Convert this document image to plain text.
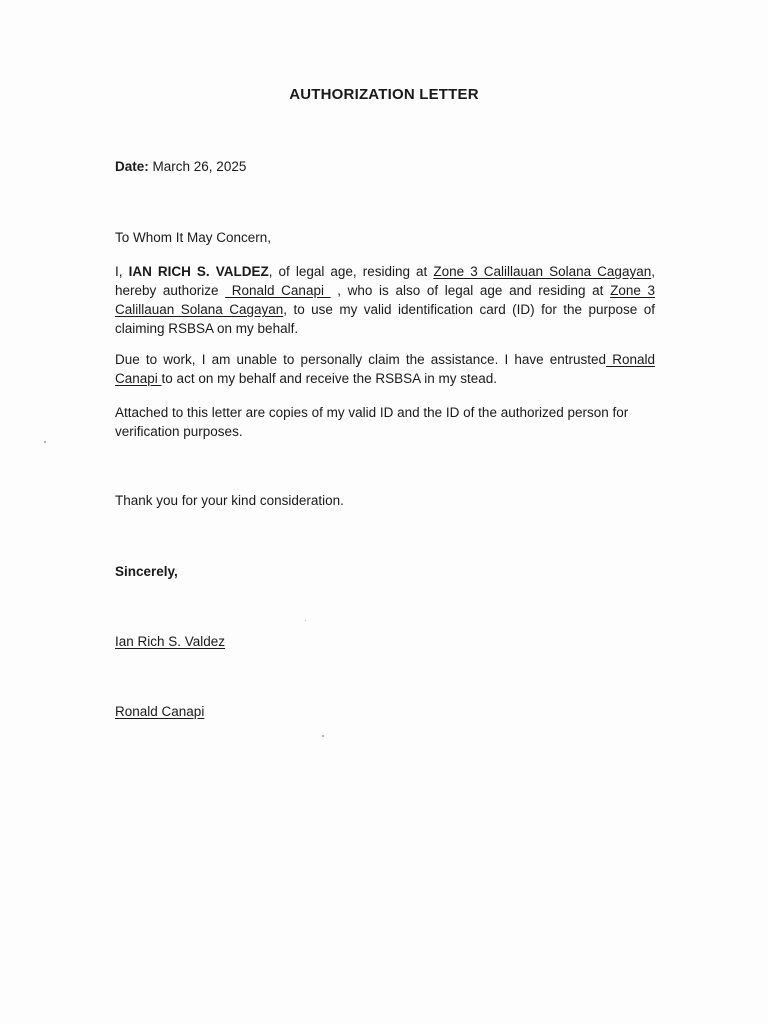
AUTHORIZATION LETTER
Date: March 26, 2025
To Whom It May Concern,
I, IAN RICH S. VALDEZ, of legal age, residing at Zone 3 Calillauan Solana Cagayan, hereby authorize  Ronald Canapi  , who is also of legal age and residing at Zone 3 Calillauan Solana Cagayan, to use my valid identification card (ID) for the purpose of claiming RSBSA on my behalf.
Due to work, I am unable to personally claim the assistance. I have entrusted Ronald Canapi to act on my behalf and receive the RSBSA in my stead.
Attached to this letter are copies of my valid ID and the ID of the authorized person for verification purposes.
Thank you for your kind consideration.
Sincerely,
Ian Rich S. Valdez
Ronald Canapi
